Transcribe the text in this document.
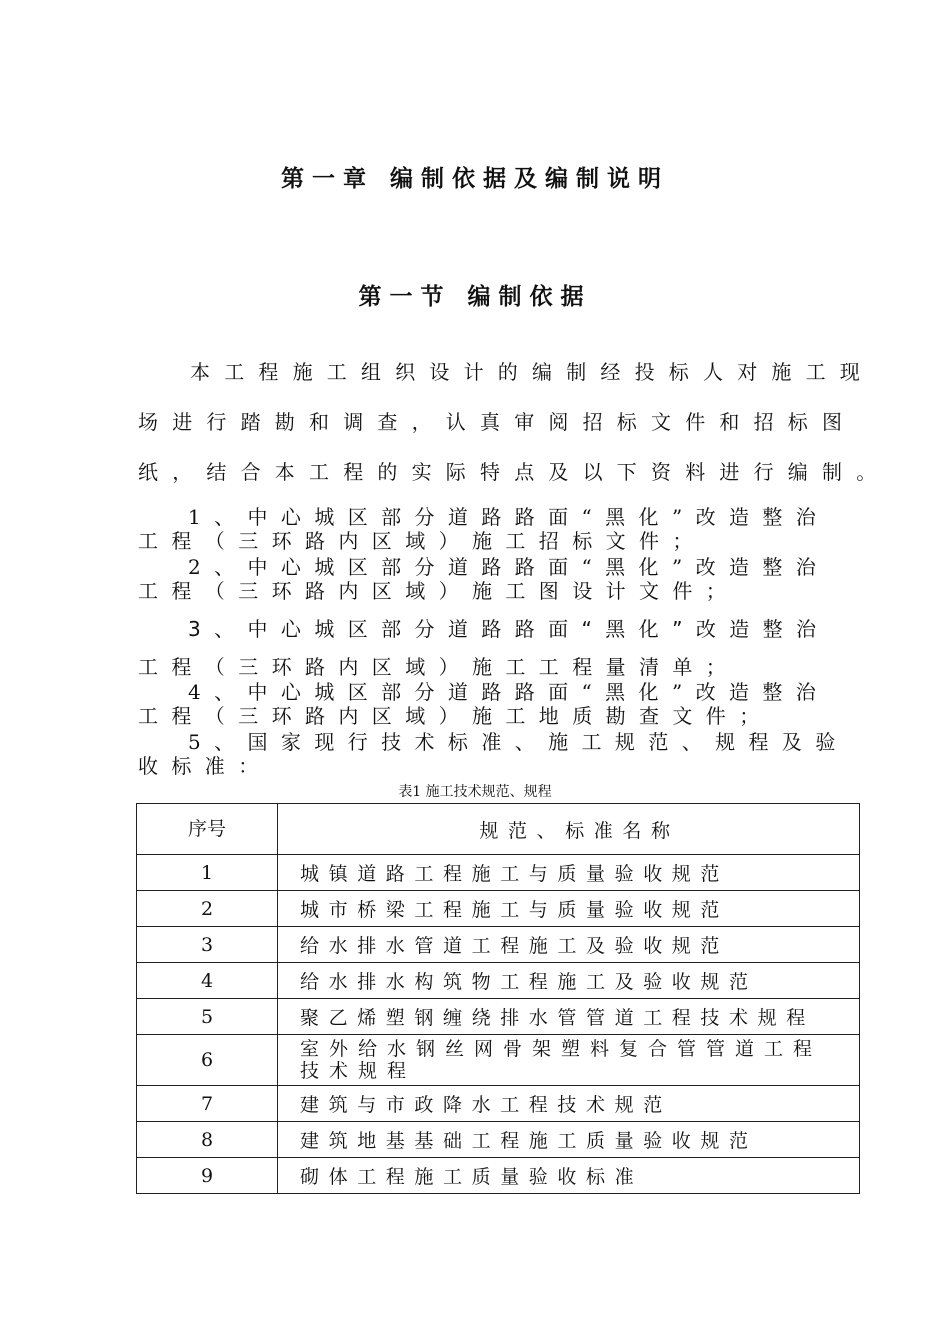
第一章 编制依据及编制说明
第一节 编制依据
本工程施工组织设计的编制经投标人对施工现
场进行踏勘和调查，认真审阅招标文件和招标图
纸，结合本工程的实际特点及以下资料进行编制。
1、中心城区部分道路路面“黑化”改造整治
工程（三环路内区域）施工招标文件；
2、中心城区部分道路路面“黑化”改造整治
工程（三环路内区域）施工图设计文件；
3、中心城区部分道路路面“黑化”改造整治
工程（三环路内区域）施工工程量清单；
4、中心城区部分道路路面“黑化”改造整治
工程（三环路内区域）施工地质勘查文件；
5、国家现行技术标准、施工规范、规程及验
收标准：
表1 施工技术规范、规程
序号	规范、标准名称
1	城镇道路工程施工与质量验收规范
2	城市桥梁工程施工与质量验收规范
3	给水排水管道工程施工及验收规范
4	给水排水构筑物工程施工及验收规范
5	聚乙烯塑钢缠绕排水管管道工程技术规程
6	室外给水钢丝网骨架塑料复合管管道工程技术规程
7	建筑与市政降水工程技术规范
8	建筑地基基础工程施工质量验收规范
9	砌体工程施工质量验收标准
